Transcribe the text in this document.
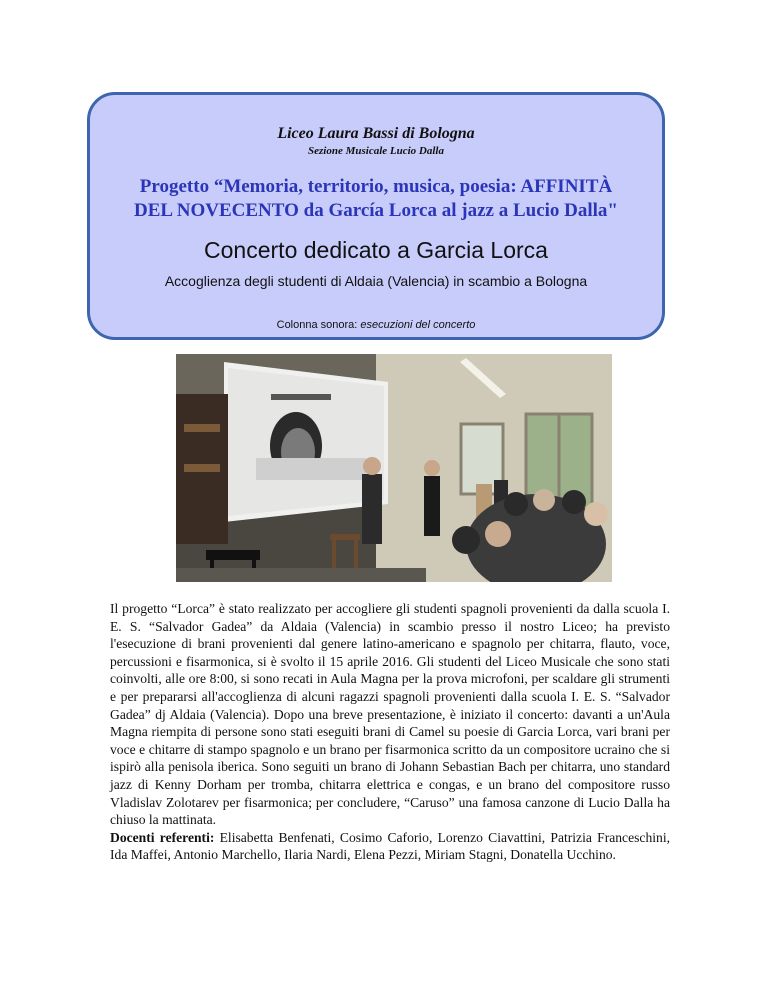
Liceo Laura Bassi di Bologna
Sezione Musicale Lucio Dalla
Progetto “Memoria, territorio, musica, poesia: AFFINITÀ
DEL NOVECENTO da García Lorca al jazz a Lucio Dalla"
Concerto dedicato a Garcia Lorca
Accoglienza degli studenti di Aldaia (Valencia) in scambio a Bologna
Colonna sonora: esecuzioni del concerto

Il progetto “Lorca” è stato realizzato per accogliere gli studenti spagnoli provenienti da dalla scuola I. E. S. “Salvador Gadea” da Aldaia (Valencia) in scambio presso il nostro Liceo; ha previsto l'esecuzione di brani provenienti dal genere latino-americano e spagnolo per chitarra, flauto, voce, percussioni e fisarmonica, si è svolto il 15 aprile 2016. Gli studenti del Liceo Musicale che sono stati coinvolti, alle ore 8:00, si sono recati in Aula Magna per la prova microfoni, per scaldare gli strumenti e per prepararsi all'accoglienza di alcuni ragazzi spagnoli provenienti dalla scuola I. E. S. “Salvador Gadea” dj Aldaia (Valencia). Dopo una breve presentazione, è iniziato il concerto: davanti a un'Aula Magna riempita di persone sono stati eseguiti brani di Camel su poesie di Garcia Lorca, vari brani per voce e chitarre di stampo spagnolo e un brano per fisarmonica scritto da un compositore ucraino che si ispirò alla penisola iberica. Sono seguiti un brano di Johann Sebastian Bach per chitarra, uno standard jazz di Kenny Dorham per tromba, chitarra elettrica e congas, e un brano del compositore russo Vladislav Zolotarev per fisarmonica; per concludere, “Caruso” una famosa canzone di Lucio Dalla ha chiuso la mattinata.

Docenti referenti: Elisabetta Benfenati, Cosimo Caforio, Lorenzo Ciavattini, Patrizia Franceschini, Ida Maffei, Antonio Marchello, Ilaria Nardi, Elena Pezzi, Miriam Stagni, Donatella Ucchino.
